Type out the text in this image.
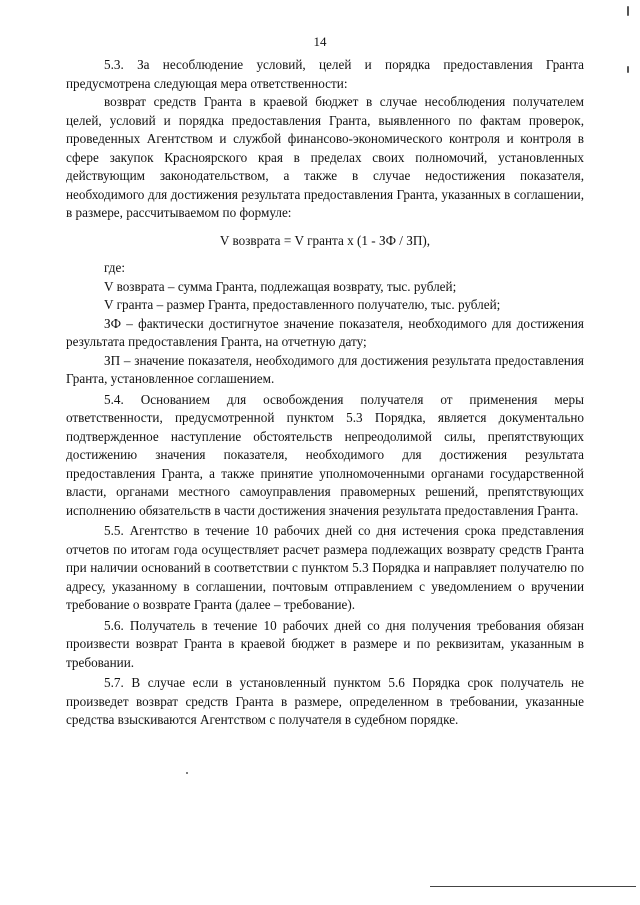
14

5.3. За несоблюдение условий, целей и порядка предоставления Гранта предусмотрена следующая мера ответственности:

возврат средств Гранта в краевой бюджет в случае несоблюдения получателем целей, условий и порядка предоставления Гранта, выявленного по фактам проверок, проведенных Агентством и службой финансово-экономического контроля и контроля в сфере закупок Красноярского края в пределах своих полномочий, установленных действующим законодательством, а также в случае недостижения показателя, необходимого для достижения результата предоставления Гранта, указанных в соглашении, в размере, рассчитываемом по формуле:

V возврата = V гранта х (1 - ЗФ / ЗП),

где:

V возврата – сумма Гранта, подлежащая возврату, тыс. рублей;

V гранта – размер Гранта, предоставленного получателю, тыс. рублей;

ЗФ – фактически достигнутое значение показателя, необходимого для достижения результата предоставления Гранта, на отчетную дату;

ЗП – значение показателя, необходимого для достижения результата предоставления Гранта, установленное соглашением.

5.4. Основанием для освобождения получателя от применения меры ответственности, предусмотренной пунктом 5.3 Порядка, является документально подтвержденное наступление обстоятельств непреодолимой силы, препятствующих достижению значения показателя, необходимого для достижения результата предоставления Гранта, а также принятие уполномоченными органами государственной власти, органами местного самоуправления правомерных решений, препятствующих исполнению обязательств в части достижения значения результата предоставления Гранта.

5.5. Агентство в течение 10 рабочих дней со дня истечения срока представления отчетов по итогам года осуществляет расчет размера подлежащих возврату средств Гранта при наличии оснований в соответствии с пунктом 5.3 Порядка и направляет получателю по адресу, указанному в соглашении, почтовым отправлением с уведомлением о вручении требование о возврате Гранта (далее – требование).

5.6. Получатель в течение 10 рабочих дней со дня получения требования обязан произвести возврат Гранта в краевой бюджет в размере и по реквизитам, указанным в требовании.

5.7. В случае если в установленный пунктом 5.6 Порядка срок получатель не произведет возврат средств Гранта в размере, определенном в требовании, указанные средства взыскиваются Агентством с получателя в судебном порядке.
